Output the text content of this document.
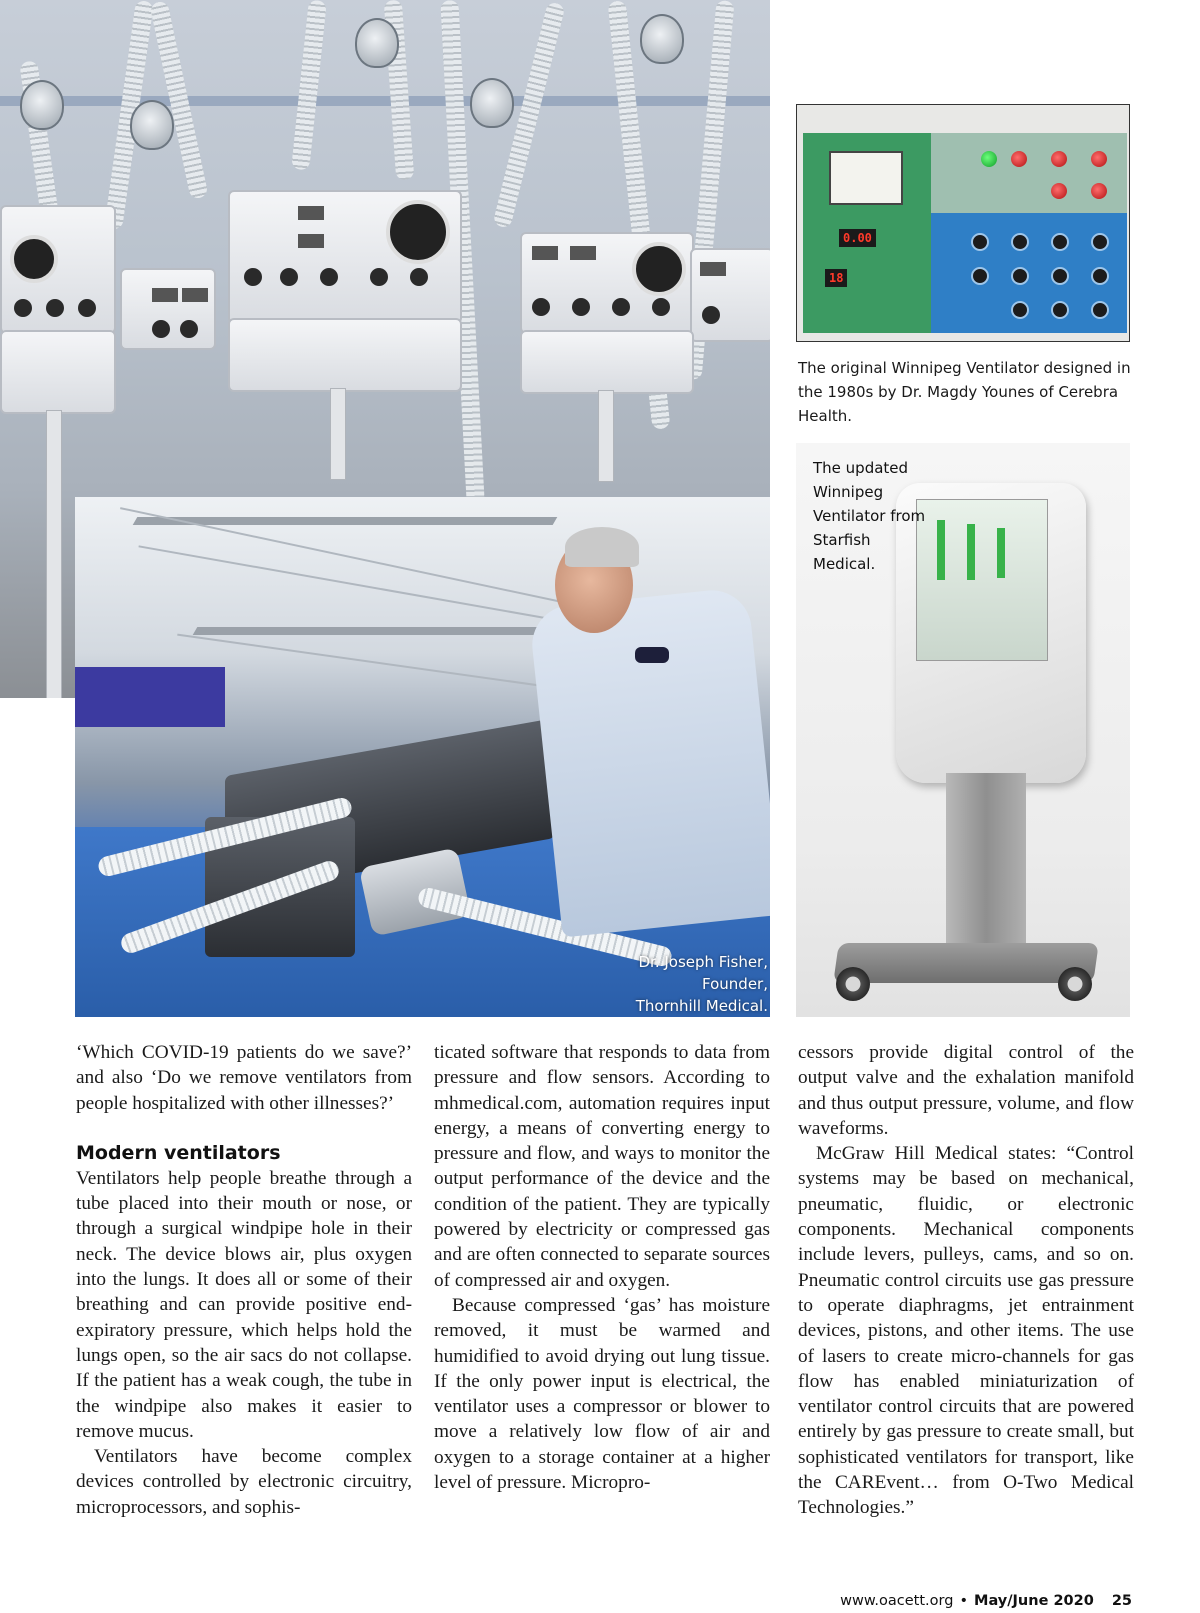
0.00
18
The original Winnipeg Ventilator designed in the 1980s by Dr. Magdy Younes of Cerebra Health.
The updated Winnipeg Ventilator from Starfish Medical.
Dr. Joseph Fisher,
Founder,
Thornhill Medical.

‘Which COVID-19 patients do we save?’ and also ‘Do we remove ventilators from people hospitalized with other illnesses?’

Modern ventilators

Ventilators help people breathe through a tube placed into their mouth or nose, or through a surgical windpipe hole in their neck. The device blows air, plus oxygen into the lungs. It does all or some of their breathing and can provide positive end-expiratory pressure, which helps hold the lungs open, so the air sacs do not collapse. If the patient has a weak cough, the tube in the windpipe also makes it easier to remove mucus.

Ventilators have become complex devices controlled by electronic circuitry, microprocessors, and sophis-

ticated software that responds to data from pressure and flow sensors. According to mhmedical.com, automation requires input energy, a means of converting energy to pressure and flow, and ways to monitor the output performance of the device and the condition of the patient. They are typically powered by electricity or compressed gas and are often connected to separate sources of compressed air and oxygen.

Because compressed ‘gas’ has moisture removed, it must be warmed and humidified to avoid drying out lung tissue. If the only power input is electrical, the ventilator uses a compressor or blower to move a relatively low flow of air and oxygen to a storage container at a higher level of pressure. Micropro-

cessors provide digital control of the output valve and the exhalation manifold and thus output pressure, volume, and flow waveforms.

McGraw Hill Medical states: “Control systems may be based on mechanical, pneumatic, fluidic, or electronic components. Mechanical components include levers, pulleys, cams, and so on. Pneumatic control circuits use gas pressure to operate diaphragms, jet entrainment devices, pistons, and other items. The use of lasers to create micro-channels for gas flow has enabled miniaturization of ventilator control circuits that are powered entirely by gas pressure to create small, but sophisticated ventilators for transport, like the CAREvent… from O-Two Medical Technologies.”

www.oacett.org • May/June 2020 25
